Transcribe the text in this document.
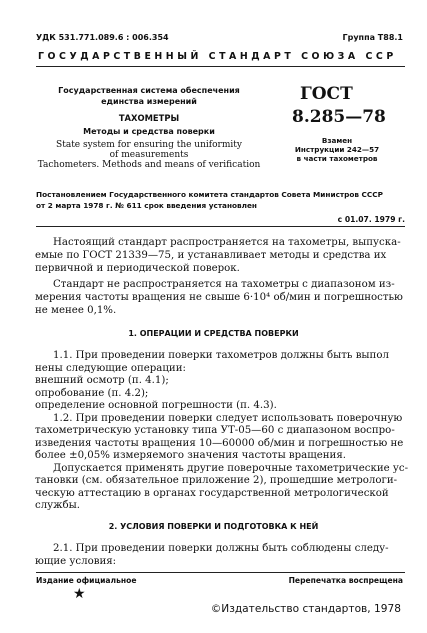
УДК 531.771.089.6 : 006.354	Группа Т88.1
ГОСУДАРСТВЕННЫЙ СТАНДАРТ СОЮЗА ССР
Государственная система обеспечения
единства измерений
ТАХОМЕТРЫ
Методы и средства поверки
State system for ensuring the uniformity
of measurements
Tachometers. Methods and means of verification
ГОСТ
8.285—78
Взамен
Инструкции 242—57
в части тахометров
Постановлением Государственного комитета стандартов Совета Министров СССР
от 2 марта 1978 г. № 611 срок введения установлен
с 01.07. 1979 г.
Настоящий стандарт распространяется на тахометры, выпуска-
емые по ГОСТ 21339—75, и устанавливает методы и средства их
первичной и периодической поверок.
Стандарт не распространяется на тахометры с диапазоном из-
мерения частоты вращения не свыше 6·10⁴ об/мин и погрешностью
не менее 0,1%.
1. ОПЕРАЦИИ И СРЕДСТВА ПОВЕРКИ
1.1. При проведении поверки тахометров должны быть выпол
нены следующие операции:
внешний осмотр (п. 4.1);
опробование (п. 4.2);
определение основной погрешности (п. 4.3).
1.2. При проведении поверки следует использовать поверочную
тахометрическую установку типа УТ-05—60 с диапазоном воспро-
изведения частоты вращения 10—60000 об/мин и погрешностью не
более ±0,05% измеряемого значения частоты вращения.
Допускается применять другие поверочные тахометрические ус-
тановки (см. обязательное приложение 2), прошедшие метрологи-
ческую аттестацию в органах государственной метрологической
службы.
2. УСЛОВИЯ ПОВЕРКИ И ПОДГОТОВКА К НЕЙ
2.1. При проведении поверки должны быть соблюдены следу-
ющие условия:
Издание официальное	Перепечатка воспрещена
★
©Издательство стандартов, 1978
